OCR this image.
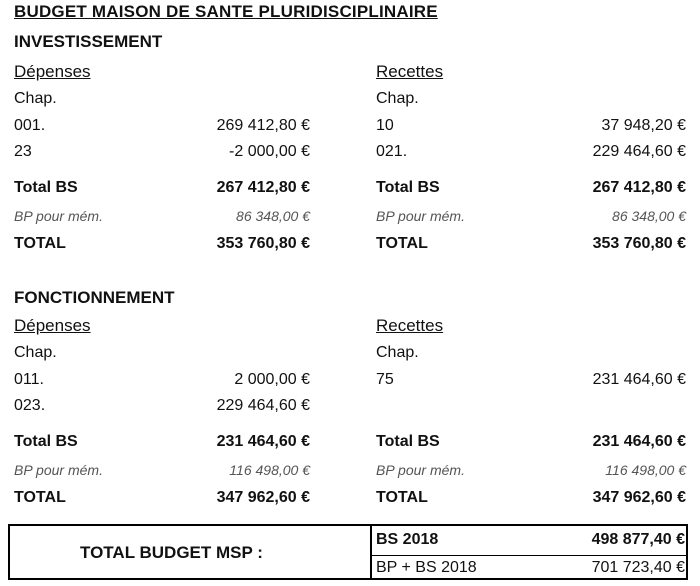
BUDGET MAISON DE SANTE PLURIDISCIPLINAIRE
INVESTISSEMENT
Dépenses	Recettes
Chap.	Chap.
001.	269 412,80 €	10	37 948,20 €
23	-2 000,00 €	021.	229 464,60 €
Total BS	267 412,80 €	Total BS	267 412,80 €
BP pour mém.	86 348,00 €	BP pour mém.	86 348,00 €
TOTAL	353 760,80 €	TOTAL	353 760,80 €
FONCTIONNEMENT
Dépenses	Recettes
Chap.	Chap.
011.	2 000,00 €	75	231 464,60 €
023.	229 464,60 €
Total BS	231 464,60 €	Total BS	231 464,60 €
BP pour mém.	116 498,00 €	BP pour mém.	116 498,00 €
TOTAL	347 962,60 €	TOTAL	347 962,60 €
TOTAL BUDGET MSP :
BS 2018	498 877,40 €
BP + BS 2018	701 723,40 €
